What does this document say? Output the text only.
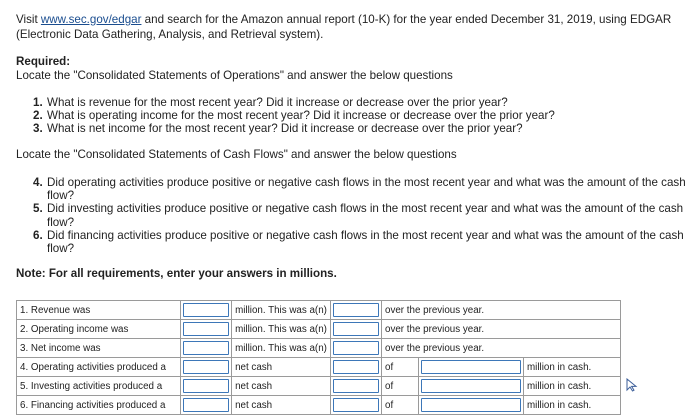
Visit www.sec.gov/edgar and search for the Amazon annual report (10-K) for the year ended December 31, 2019, using EDGAR (Electronic Data Gathering, Analysis, and Retrieval system).
Required:
Locate the "Consolidated Statements of Operations" and answer the below questions
1. What is revenue for the most recent year? Did it increase or decrease over the prior year?
2. What is operating income for the most recent year? Did it increase or decrease over the prior year?
3. What is net income for the most recent year? Did it increase or decrease over the prior year?
Locate the "Consolidated Statements of Cash Flows" and answer the below questions
4. Did operating activities produce positive or negative cash flows in the most recent year and what was the amount of the cash flow?
5. Did investing activities produce positive or negative cash flows in the most recent year and what was the amount of the cash flow?
6. Did financing activities produce positive or negative cash flows in the most recent year and what was the amount of the cash flow?
Note: For all requirements, enter your answers in millions.
1. Revenue was		million. This was a(n)		over the previous year.		
2. Operating income was		million. This was a(n)		over the previous year.		
3. Net income was		million. This was a(n)		over the previous year.		
4. Operating activities produced a		net cash		of		million in cash.
5. Investing activities produced a		net cash		of		million in cash.
6. Financing activities produced a		net cash		of		million in cash.
